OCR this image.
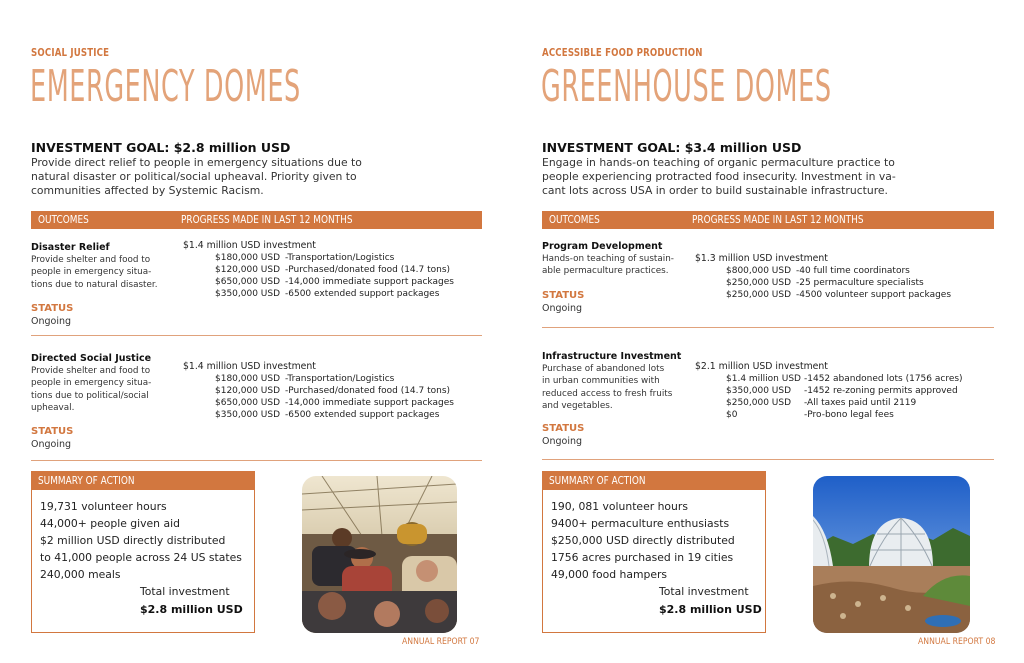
SOCIAL JUSTICE
EMERGENCY DOMES
INVESTMENT GOAL: $2.8 million USD
Provide direct relief to people in emergency situations due to natural disaster or political/social upheaval. Priority given to communities affected by Systemic Racism.
OUTCOMES	PROGRESS MADE IN LAST 12 MONTHS
Disaster Relief
Provide shelter and food to people in emergency situa- tions due to natural disaster.
STATUS
Ongoing
$1.4 million USD investment
$180,000 USD -Transportation/Logistics
$120,000 USD -Purchased/donated food (14.7 tons)
$650,000 USD -14,000 immediate support packages
$350,000 USD -6500 extended support packages
Directed Social Justice
Provide shelter and food to people in emergency situa- tions due to political/social upheaval.
STATUS
Ongoing
$1.4 million USD investment
$180,000 USD -Transportation/Logistics
$120,000 USD -Purchased/donated food (14.7 tons)
$650,000 USD -14,000 immediate support packages
$350,000 USD -6500 extended support packages
SUMMARY OF ACTION
19,731 volunteer hours
44,000+ people given aid
$2 million USD directly distributed
to 41,000 people across 24 US states
240,000 meals
Total investment
$2.8 million USD
ANNUAL REPORT 07
ACCESSIBLE FOOD PRODUCTION
GREENHOUSE DOMES
INVESTMENT GOAL: $3.4 million USD
Engage in hands-on teaching of organic permaculture practice to people experiencing protracted food insecurity. Investment in va- cant lots across USA in order to build sustainable infrastructure.
OUTCOMES	PROGRESS MADE IN LAST 12 MONTHS
Program Development
Hands-on teaching of sustain- able permaculture practices.
STATUS
Ongoing
$1.3 million USD investment
$800,000 USD -40 full time coordinators
$250,000 USD -25 permaculture specialists
$250,000 USD -4500 volunteer support packages
Infrastructure Investment
Purchase of abandoned lots in urban communities with reduced access to fresh fruits and vegetables.
STATUS
Ongoing
$2.1 million USD investment
$1.4 million USD -1452 abandoned lots (1756 acres)
$350,000 USD -1452 re-zoning permits approved
$250,000 USD -All taxes paid until 2119
$0	-Pro-bono legal fees
SUMMARY OF ACTION
190, 081 volunteer hours
9400+ permaculture enthusiasts
$250,000 USD directly distributed
1756 acres purchased in 19 cities
49,000 food hampers
Total investment
$2.8 million USD
ANNUAL REPORT 08
